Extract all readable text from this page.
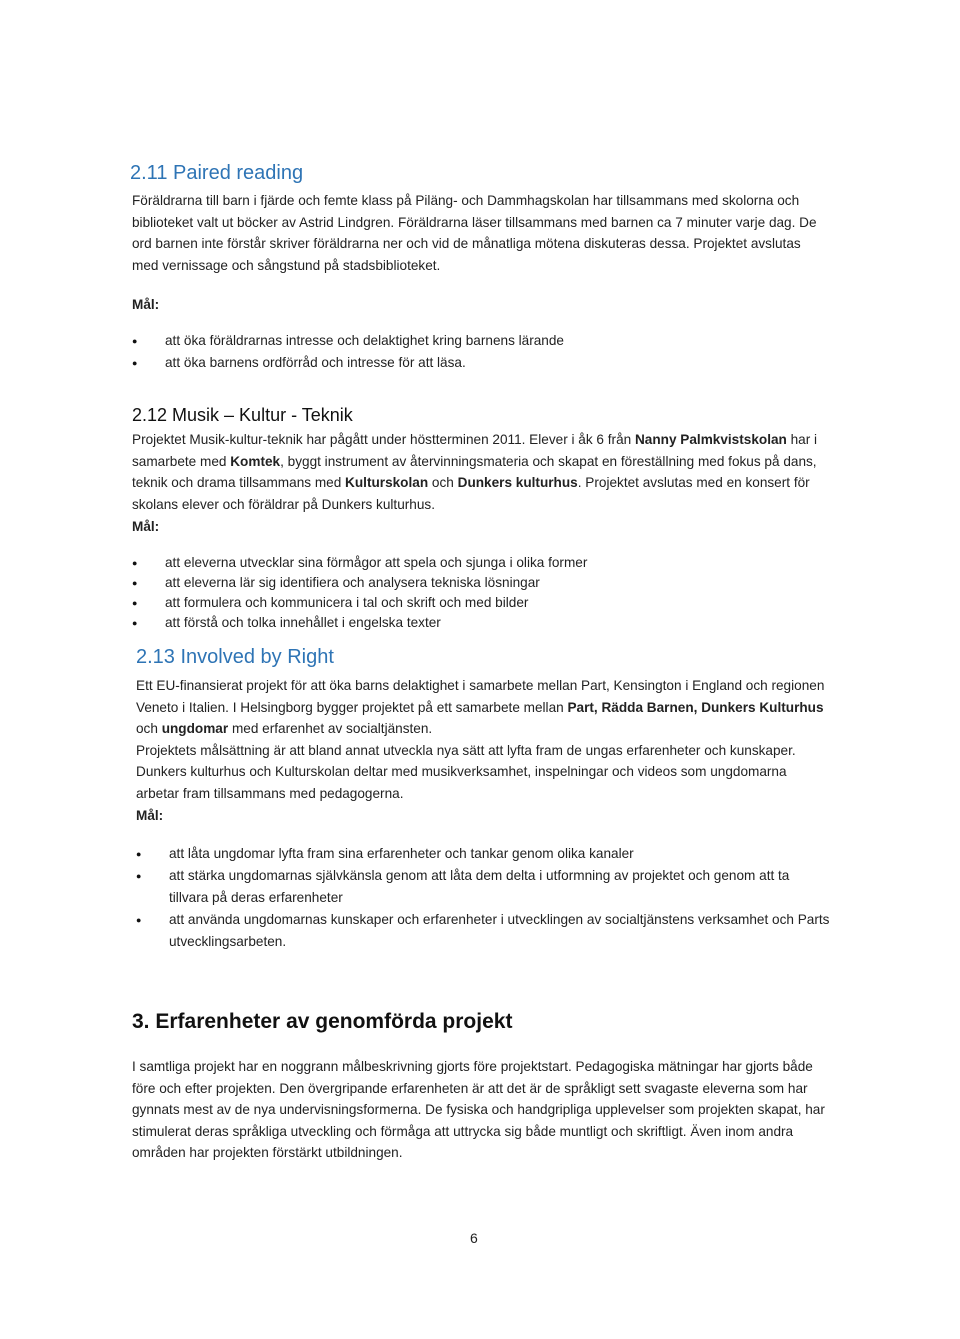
2.11 Paired reading

Föräldrarna till barn i fjärde och femte klass på Piläng- och Dammhagskolan har tillsammans med skolorna och

biblioteket valt ut böcker av Astrid Lindgren. Föräldrarna läser tillsammans med barnen ca 7 minuter varje dag. De

ord barnen inte förstår skriver föräldrarna ner och vid de månatliga mötena diskuteras dessa. Projektet avslutas

med vernissage och sångstund på stadsbiblioteket.

Mål:

● att öka föräldrarnas intresse och delaktighet kring barnens lärande
● att öka barnens ordförråd och intresse för att läsa.
2.12 Musik – Kultur - Teknik

Projektet Musik-kultur-teknik har pågått under höstterminen 2011. Elever i åk 6 från Nanny Palmkvistskolan har i

samarbete med Komtek, byggt instrument av återvinningsmateria och skapat en föreställning med fokus på dans,

teknik och drama tillsammans med Kulturskolan och Dunkers kulturhus. Projektet avslutas med en konsert för

skolans elever och föräldrar på Dunkers kulturhus.

Mål:

● att eleverna utvecklar sina förmågor att spela och sjunga i olika former
● att eleverna lär sig identifiera och analysera tekniska lösningar
● att formulera och kommunicera i tal och skrift och med bilder
● att förstå och tolka innehållet i engelska texter
2.13 Involved by Right

Ett EU-finansierat projekt för att öka barns delaktighet i samarbete mellan Part, Kensington i England och regionen

Veneto i Italien. I Helsingborg bygger projektet på ett samarbete mellan Part, Rädda Barnen, Dunkers Kulturhus

och ungdomar med erfarenhet av socialtjänsten.

Projektets målsättning är att bland annat utveckla nya sätt att lyfta fram de ungas erfarenheter och kunskaper.

Dunkers kulturhus och Kulturskolan deltar med musikverksamhet, inspelningar och videos som ungdomarna

arbetar fram tillsammans med pedagogerna.

Mål:

● att låta ungdomar lyfta fram sina erfarenheter och tankar genom olika kanaler
● att stärka ungdomarnas självkänsla genom att låta dem delta i utformning av projektet och genom att ta
tillvara på deras erfarenheter
● att använda ungdomarnas kunskaper och erfarenheter i utvecklingen av socialtjänstens verksamhet och Parts
utvecklingsarbeten.
3. Erfarenheter av genomförda projekt

I samtliga projekt har en noggrann målbeskrivning gjorts före projektstart. Pedagogiska mätningar har gjorts både

före och efter projekten. Den övergripande erfarenheten är att det är de språkligt sett svagaste eleverna som har

gynnats mest av de nya undervisningsformerna. De fysiska och handgripliga upplevelser som projekten skapat, har

stimulerat deras språkliga utveckling och förmåga att uttrycka sig både muntligt och skriftligt. Även inom andra

områden har projekten förstärkt utbildningen.

6
